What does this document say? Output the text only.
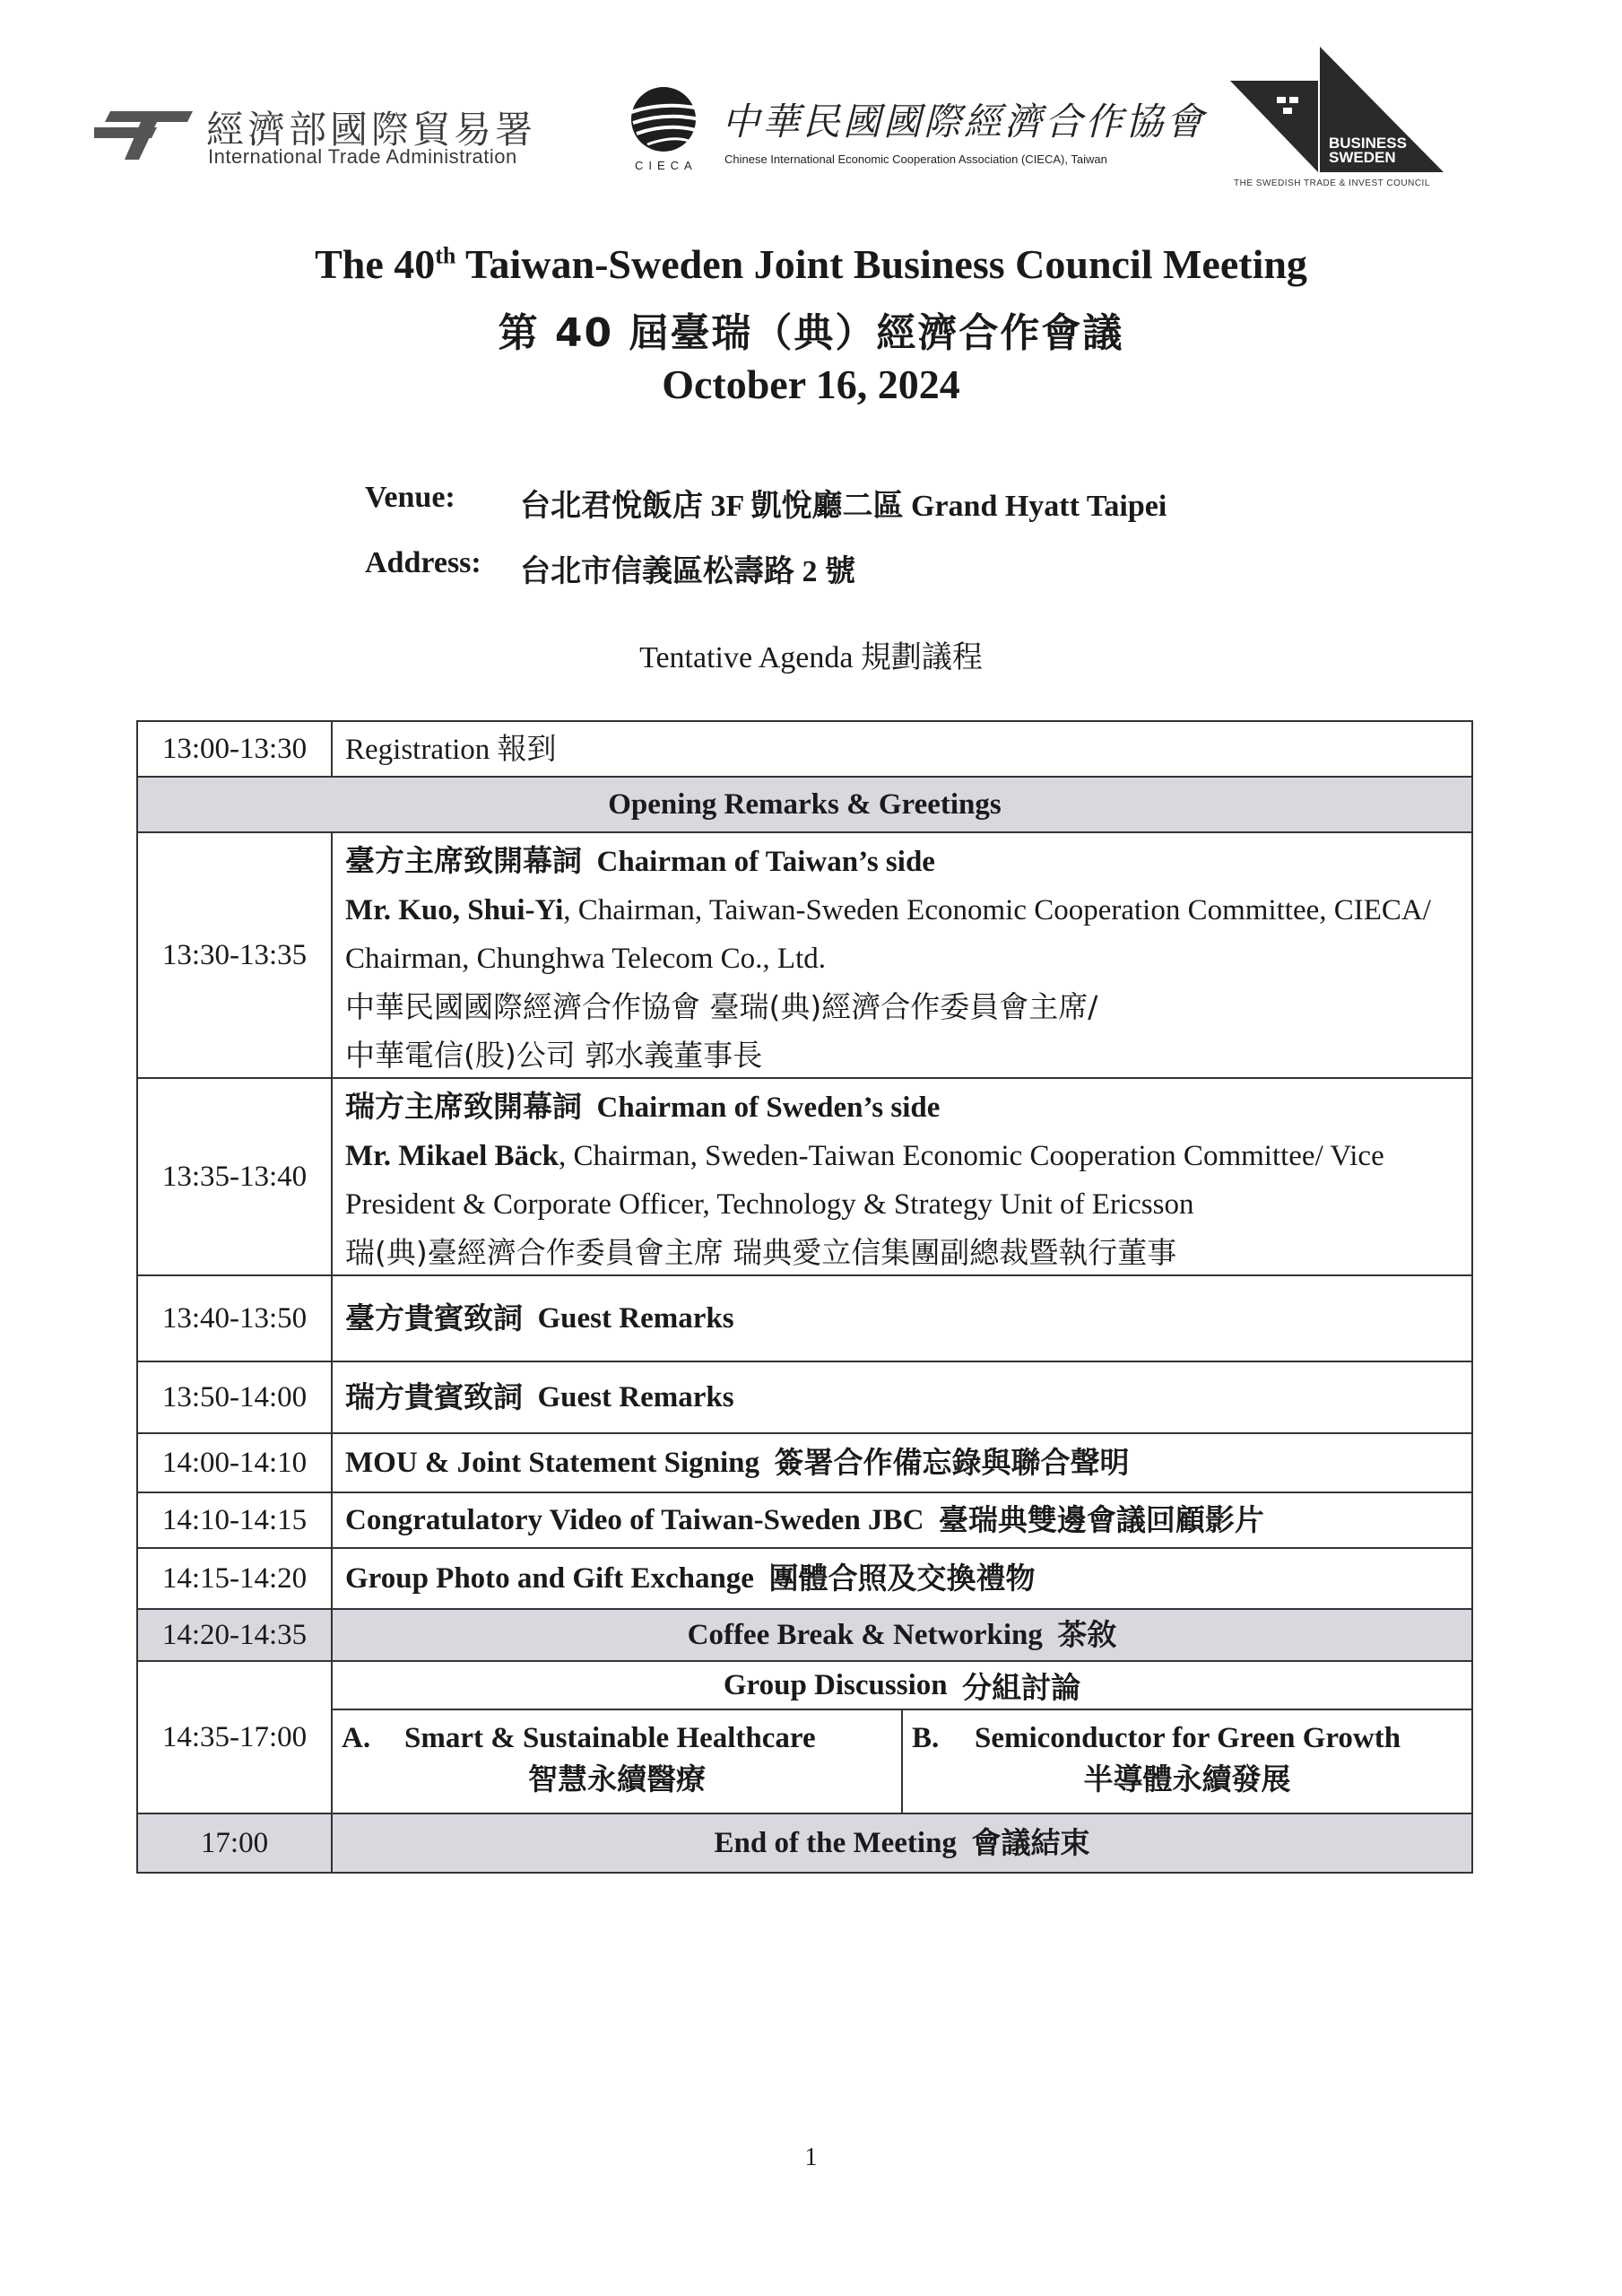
經濟部國際貿易署
International Trade Administration	CIECA
中華民國國際經濟合作協會
Chinese International Economic Cooperation Association (CIECA), Taiwan
BUSINESS
SWEDEN
THE SWEDISH TRADE & INVEST COUNCIL
The 40th Taiwan-Sweden Joint Business Council Meeting
第 40 屆臺瑞（典）經濟合作會議
October 16, 2024
Venue: 台北君悅飯店 3F 凱悅廳二區 Grand Hyatt Taipei
Address: 台北市信義區松壽路 2 號
Tentative Agenda 規劃議程
13:00-13:30	Registration 報到
Opening Remarks & Greetings
13:30-13:35
臺方主席致開幕詞 Chairman of Taiwan’s side
Mr. Kuo, Shui-Yi, Chairman, Taiwan-Sweden Economic Cooperation Committee, CIECA/ Chairman, Chunghwa Telecom Co., Ltd.
中華民國國際經濟合作協會 臺瑞(典)經濟合作委員會主席/
中華電信(股)公司 郭水義董事長
13:35-13:40
瑞方主席致開幕詞 Chairman of Sweden’s side
Mr. Mikael Bäck, Chairman, Sweden-Taiwan Economic Cooperation Committee/ Vice President & Corporate Officer, Technology & Strategy Unit of Ericsson
瑞(典)臺經濟合作委員會主席 瑞典愛立信集團副總裁暨執行董事
13:40-13:50	臺方貴賓致詞
Guest Remarks
13:50-14:00	瑞方貴賓致詞
Guest Remarks
14:00-14:10	MOU & Joint Statement Signing
簽署合作備忘錄與聯合聲明
14:10-14:15	Congratulatory Video of Taiwan-Sweden JBC
臺瑞典雙邊會議回顧影片
14:15-14:20	Group Photo and Gift Exchange
團體合照及交換禮物
14:20-14:35	Coffee Break & Networking
茶敘
14:35-17:00
Group Discussion
分組討論
A. Smart & Sustainable Healthcare
智慧永續醫療
B. Semiconductor for Green Growth
半導體永續發展
17:00	End of the Meeting
會議結束
1
